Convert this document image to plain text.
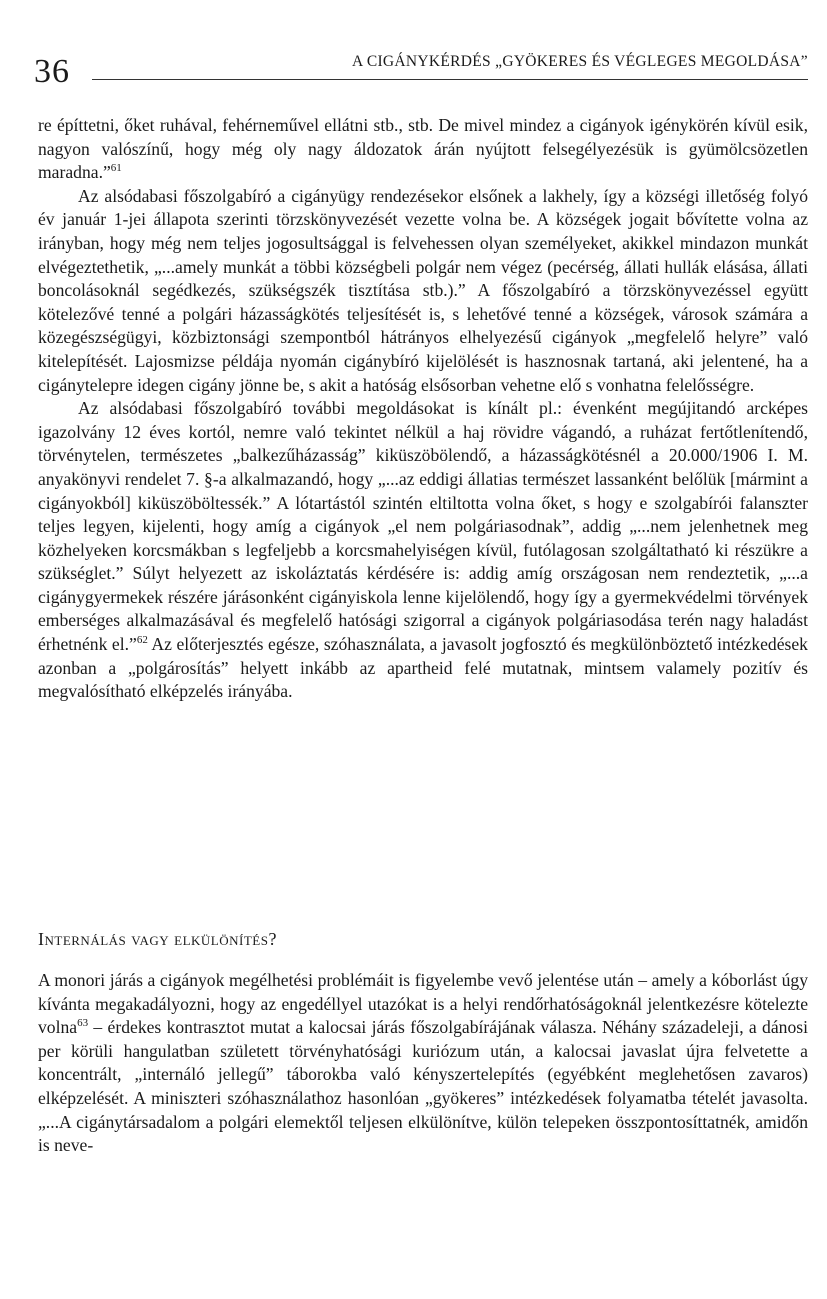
36	A CIGÁNYKÉRDÉS „GYÖKERES ÉS VÉGLEGES MEGOLDÁSA”

re építtetni, őket ruhával, fehérneművel ellátni stb., stb. De mivel mindez a cigányok igénykörén kívül esik, nagyon valószínű, hogy még oly nagy áldozatok árán nyújtott felsegélyezésük is gyümölcsözetlen maradna.”$^{61}$

Az alsódabasi főszolgabíró a cigányügy rendezésekor elsőnek a lakhely, így a községi illetőség folyó év január 1-jei állapota szerinti törzskönyvezését vezette volna be. A községek jogait bővítette volna az irányban, hogy még nem teljes jogosultsággal is felvehessen olyan személyeket, akikkel mindazon munkát elvégeztethetik, „...amely munkát a többi községbeli polgár nem végez (pecérség, állati hullák elásása, állati boncolásoknál segédkezés, szükségszék tisztítása stb.).” A főszolgabíró a törzskönyvezéssel együtt kötelezővé tenné a polgári házasságkötés teljesítését is, s lehetővé tenné a községek, városok számára a közegészségügyi, közbiztonsági szempontból hátrányos elhelyezésű cigányok „megfelelő helyre” való kitelepítését. Lajosmizse példája nyomán cigánybíró kijelölését is hasznosnak tartaná, aki jelentené, ha a cigánytelepre idegen cigány jönne be, s akit a hatóság elsősorban vehetne elő s vonhatna felelősségre.

Az alsódabasi főszolgabíró további megoldásokat is kínált pl.: évenként megújitandó arcképes igazolvány 12 éves kortól, nemre való tekintet nélkül a haj rövidre vágandó, a ruházat fertőtlenítendő, törvénytelen, természetes „balkezűházasság” kiküszöbölendő, a házasságkötésnél a 20.000/1906 I. M. anyakönyvi rendelet 7. §-a alkalmazandó, hogy „...az eddigi állatias természet lassanként belőlük [mármint a cigányokból] kiküszöböltessék.” A lótartástól szintén eltiltotta volna őket, s hogy e szolgabírói falanszter teljes legyen, kijelenti, hogy amíg a cigányok „el nem polgáriasodnak”, addig „...nem jelenhetnek meg közhelyeken korcsmákban s legfeljebb a korcsmahelyiségen kívül, futólagosan szolgáltatható ki részükre a szükséglet.” Súlyt helyezett az iskoláztatás kérdésére is: addig amíg országosan nem rendeztetik, „...a cigánygyermekek részére járásonként cigányiskola lenne kijelölendő, hogy így a gyermekvédelmi törvények emberséges alkalmazásával és megfelelő hatósági szigorral a cigányok polgáriasodása terén nagy haladást érhetnénk el.”$^{62}$ Az előterjesztés egésze, szóhasználata, a javasolt jogfosztó és megkülönböztető intézkedések azonban a „polgárosítás” helyett inkább az apartheid felé mutatnak, mintsem valamely pozitív és megvalósítható elképzelés irányába.

Internálás vagy elkülönítés?

A monori járás a cigányok megélhetési problémáit is figyelembe vevő jelentése után – amely a kóborlást úgy kívánta megakadályozni, hogy az engedéllyel utazókat is a helyi rendőrhatóságoknál jelentkezésre kötelezte volna$^{63}$ – érdekes kontrasztot mutat a kalocsai járás főszolgabírájának válasza. Néhány századeleji, a dánosi per körüli hangulatban született törvényhatósági kuriózum után, a kalocsai javaslat újra felvetette a koncentrált, „internáló jellegű” táborokba való kényszertelepítés (egyébként meglehetősen zavaros) elképzelését. A miniszteri szóhasználathoz hasonlóan „gyökeres” intézkedések folyamatba tételét javasolta. „...A cigánytársadalom a polgári elemektől teljesen elkülönítve, külön telepeken összpontosíttatnék, amidőn is neve-
